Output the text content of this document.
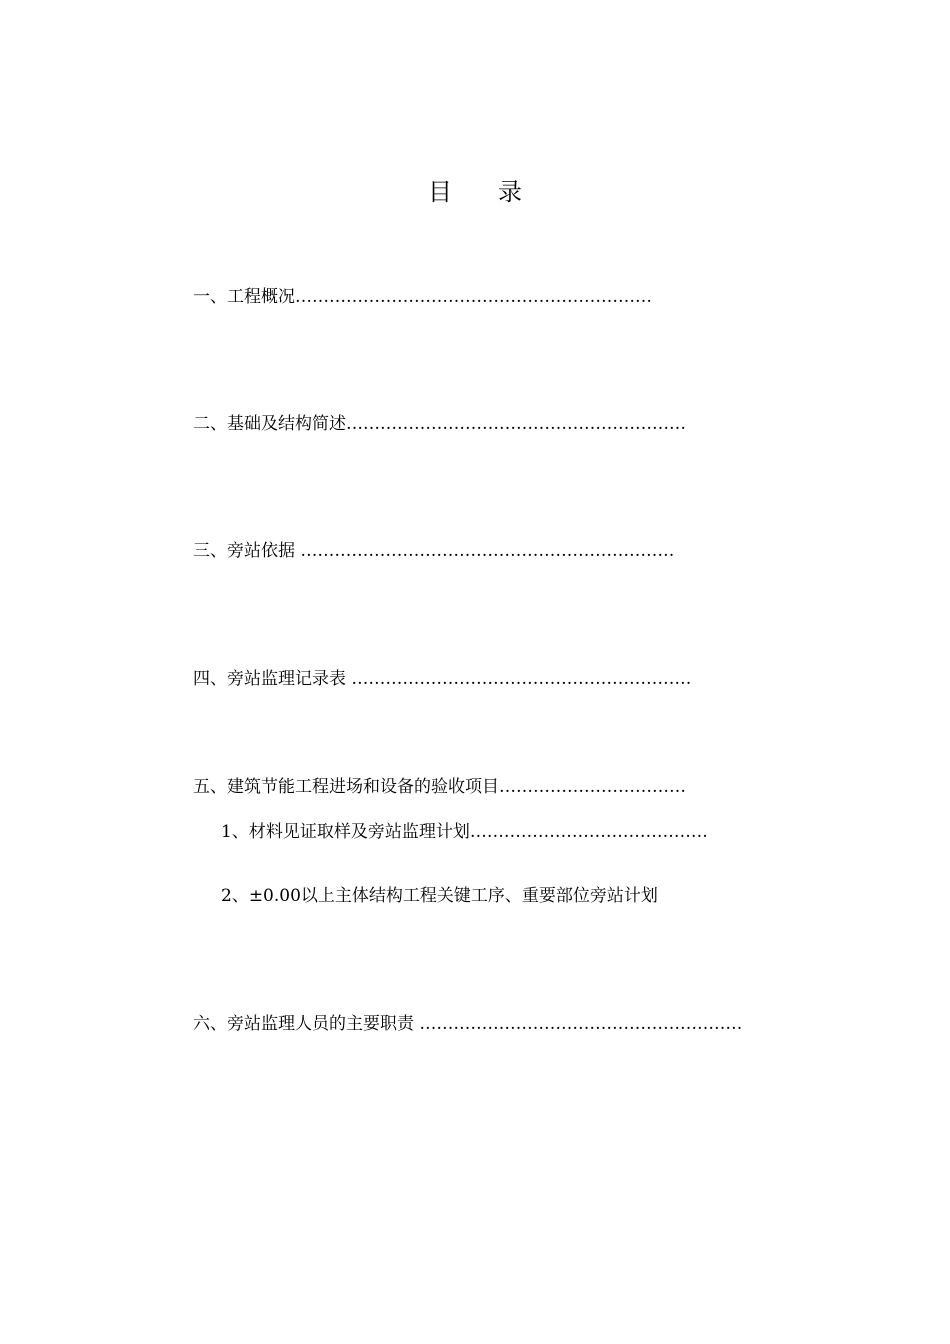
目 录
一、工程概况………………………………………………………
二、基础及结构简述……………………………………………………
三、旁站依据 …………………………………………………………
四、旁站监理记录表 ……………………………………………………
五、建筑节能工程进场和设备的验收项目……………………………
1、材料见证取样及旁站监理计划……………………………………
2、±0.00以上主体结构工程关键工序、重要部位旁站计划
六、旁站监理人员的主要职责 …………………………………………………
